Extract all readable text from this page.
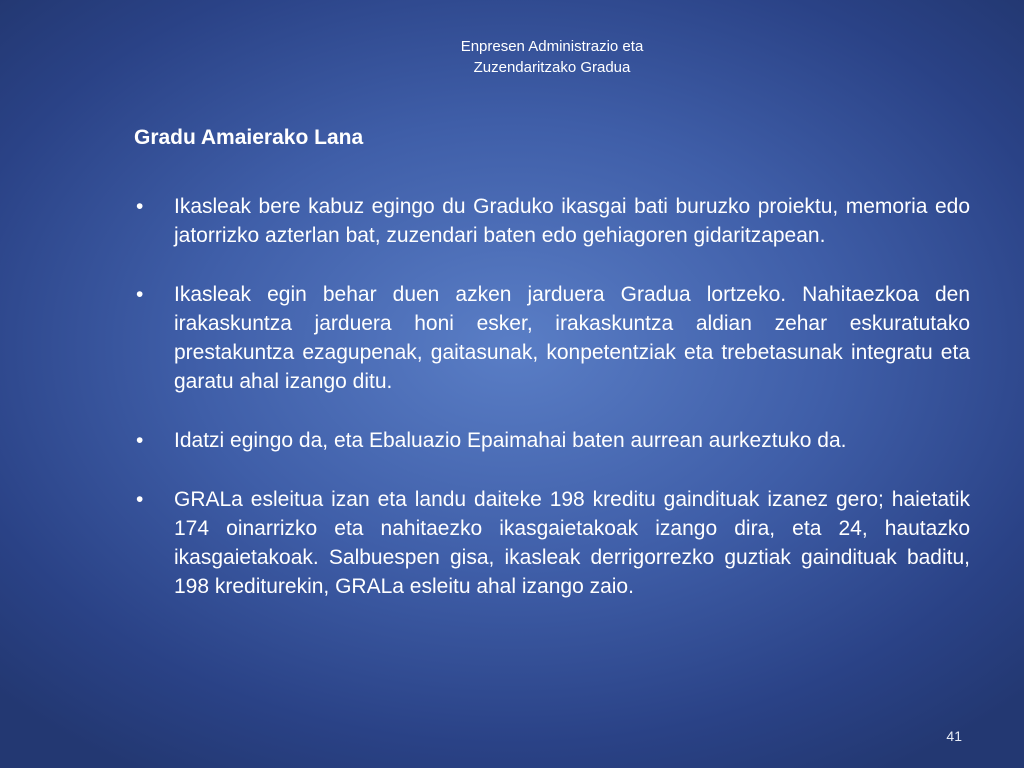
Enpresen Administrazio eta
Zuzendaritzako Gradua
Gradu Amaierako Lana
• Ikasleak bere kabuz egingo du Graduko ikasgai bati buruzko proiektu, memoria edo jatorrizko azterlan bat, zuzendari baten edo gehiagoren gidaritzapean.
• Ikasleak egin behar duen azken jarduera Gradua lortzeko. Nahitaezkoa den irakaskuntza jarduera honi esker, irakaskuntza aldian zehar eskuratutako prestakuntza ezagupenak, gaitasunak, konpetentziak eta trebetasunak integratu eta garatu ahal izango ditu.
• Idatzi egingo da, eta Ebaluazio Epaimahai baten aurrean aurkeztuko da.
• GRALa esleitua izan eta landu daiteke 198 kreditu gaindituak izanez gero; haietatik 174 oinarrizko eta nahitaezko ikasgaietakoak izango dira, eta 24, hautazko ikasgaietakoak. Salbuespen gisa, ikasleak derrigorrezko guztiak gaindituak baditu, 198 krediturekin, GRALa esleitu ahal izango zaio.
41
